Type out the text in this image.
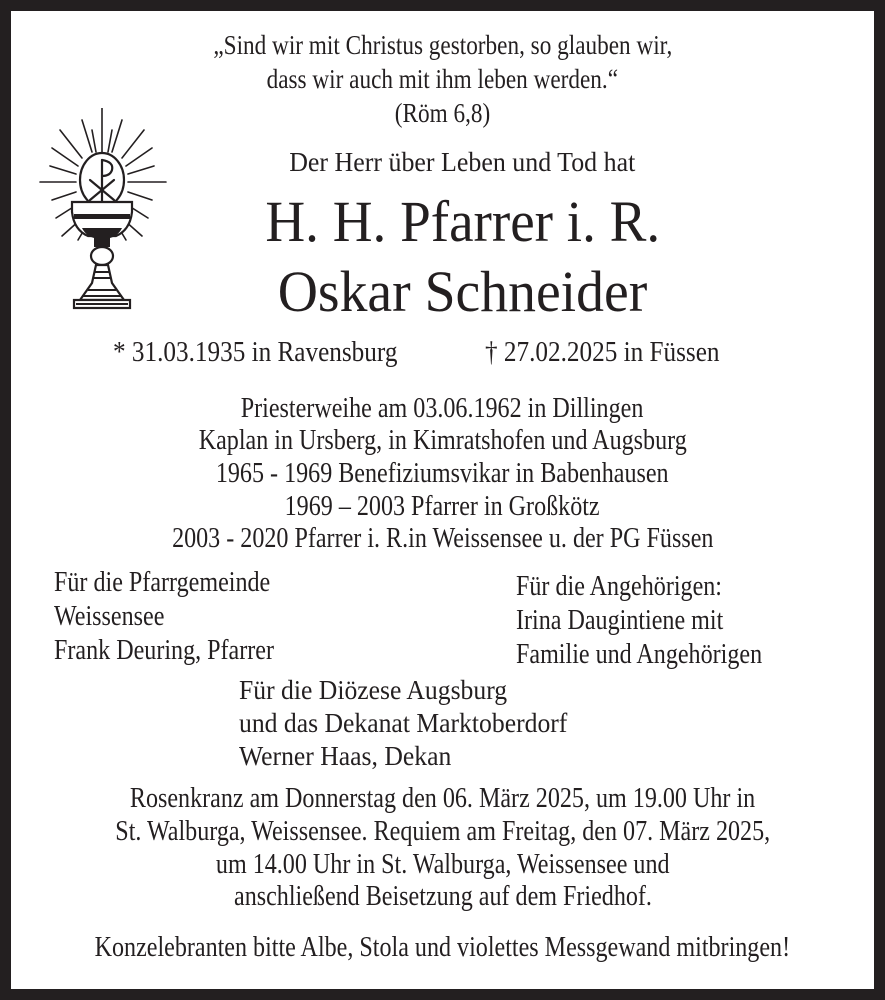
„Sind wir mit Christus gestorben, so glauben wir,
dass wir auch mit ihm leben werden.“
(Röm 6,8)
Der Herr über Leben und Tod hat
H. H. Pfarrer i. R.
Oskar Schneider
* 31.03.1935 in Ravensburg	† 27.02.2025 in Füssen
Priesterweihe am 03.06.1962 in Dillingen
Kaplan in Ursberg, in Kimratshofen und Augsburg
1965 - 1969 Benefiziumsvikar in Babenhausen
1969 – 2003 Pfarrer in Großkötz
2003 - 2020 Pfarrer i. R.in Weissensee u. der PG Füssen
Für die Pfarrgemeinde
Weissensee
Frank Deuring, Pfarrer
Für die Angehörigen:
Irina Daugintiene mit
Familie und Angehörigen
Für die Diözese Augsburg
und das Dekanat Marktoberdorf
Werner Haas, Dekan
Rosenkranz am Donnerstag den 06. März 2025, um 19.00 Uhr in
St. Walburga, Weissensee. Requiem am Freitag, den 07. März 2025,
um 14.00 Uhr in St. Walburga, Weissensee und
anschließend Beisetzung auf dem Friedhof.
Konzelebranten bitte Albe, Stola und violettes Messgewand mitbringen!
